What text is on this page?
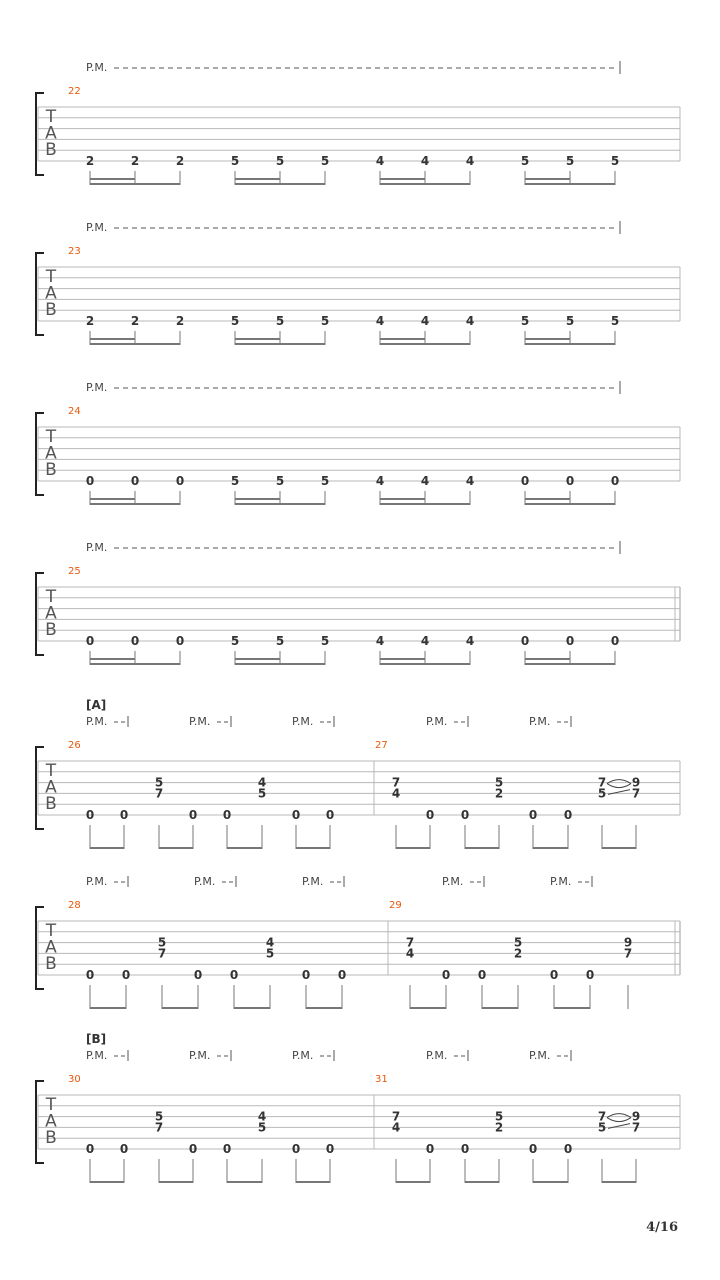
T
A
B
22
P.M.
2	2	2	5	5	5	4	4	4	5	5	5
T
A
B
23
P.M.
2	2	2	5	5	5	4	4	4	5	5	5
T
A
B
24
P.M.
0	0	0	5	5	5	4	4	4	0	0	0
T
A
B
25
P.M.
0	0	0	5	5	5	4	4	4	0	0	0
T
A
B
[A]
26
0 0
5
7
0 0
4
5
0 0
27
7
4
0 0
5
2
0 0
7
5
9
7
P.M.	P.M.	P.M.	P.M.	P.M.
T
A
B
28
0 0
5
7
0 0
4
5
0 0
29
7
4
0 0
5
2
0 0
9
7
P.M.	P.M.	P.M.	P.M.	P.M.
T
A
B
[B]
30
0 0
5
7
0 0
4
5
0 0
31
7
4
0 0
5
2
0 0
7
5
9
7
P.M.	P.M.	P.M.	P.M.	P.M.
4/16
